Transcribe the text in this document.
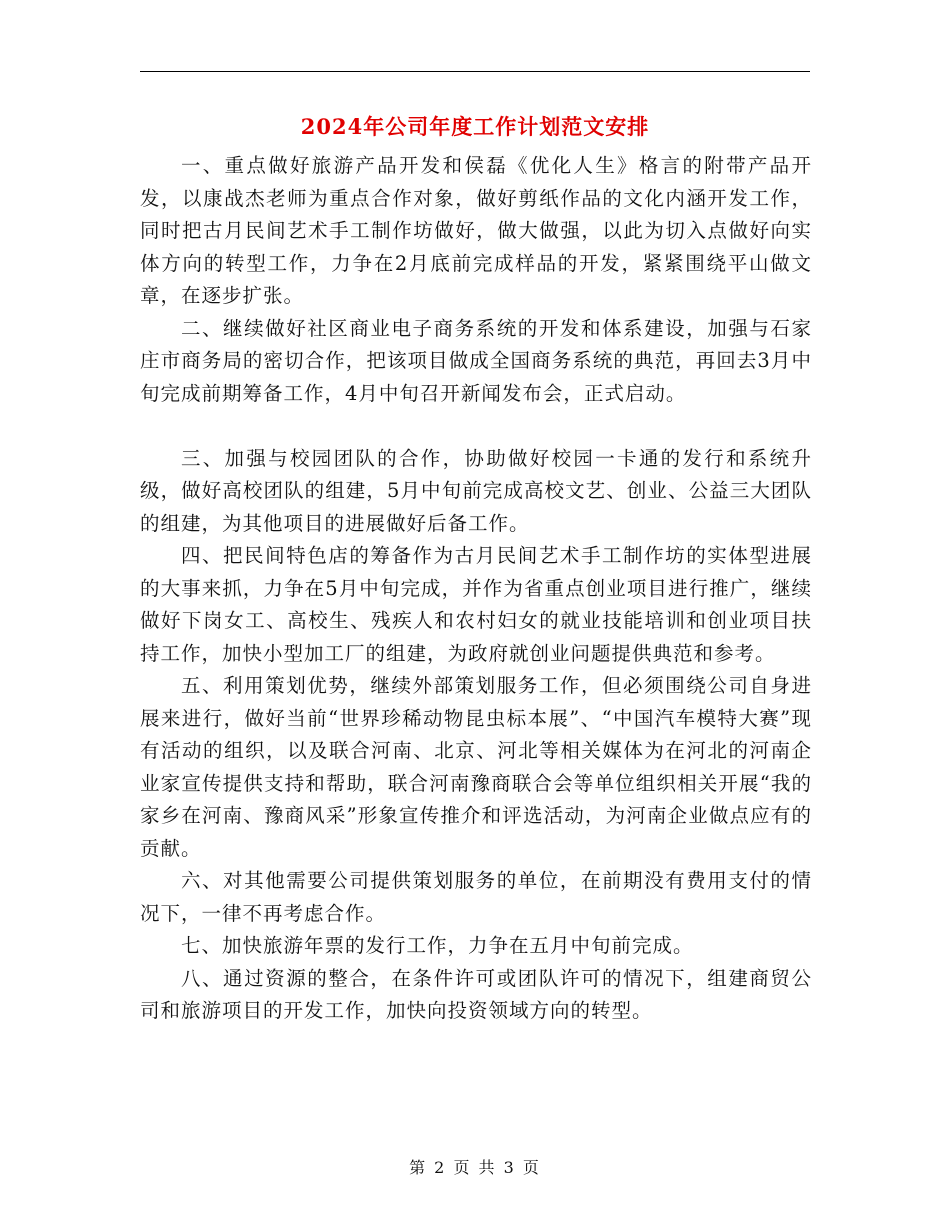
2024年公司年度工作计划范文安排

一、重点做好旅游产品开发和侯磊《优化人生》格言的附带产品开发，以康战杰老师为重点合作对象，做好剪纸作品的文化内涵开发工作，同时把古月民间艺术手工制作坊做好，做大做强，以此为切入点做好向实体方向的转型工作，力争在2月底前完成样品的开发，紧紧围绕平山做文章，在逐步扩张。

二、继续做好社区商业电子商务系统的开发和体系建设，加强与石家庄市商务局的密切合作，把该项目做成全国商务系统的典范，再回去3月中旬完成前期筹备工作，4月中旬召开新闻发布会，正式启动。

三、加强与校园团队的合作，协助做好校园一卡通的发行和系统升级，做好高校团队的组建，5月中旬前完成高校文艺、创业、公益三大团队的组建，为其他项目的进展做好后备工作。

四、把民间特色店的筹备作为古月民间艺术手工制作坊的实体型进展的大事来抓，力争在5月中旬完成，并作为省重点创业项目进行推广，继续做好下岗女工、高校生、残疾人和农村妇女的就业技能培训和创业项目扶持工作，加快小型加工厂的组建，为政府就创业问题提供典范和参考。

五、利用策划优势，继续外部策划服务工作，但必须围绕公司自身进展来进行，做好当前“世界珍稀动物昆虫标本展”、“中国汽车模特大赛”现有活动的组织，以及联合河南、北京、河北等相关媒体为在河北的河南企业家宣传提供支持和帮助，联合河南豫商联合会等单位组织相关开展“我的家乡在河南、豫商风采”形象宣传推介和评选活动，为河南企业做点应有的贡献。

六、对其他需要公司提供策划服务的单位，在前期没有费用支付的情况下，一律不再考虑合作。

七、加快旅游年票的发行工作，力争在五月中旬前完成。

八、通过资源的整合，在条件许可或团队许可的情况下，组建商贸公司和旅游项目的开发工作，加快向投资领域方向的转型。

第 2 页 共 3 页
